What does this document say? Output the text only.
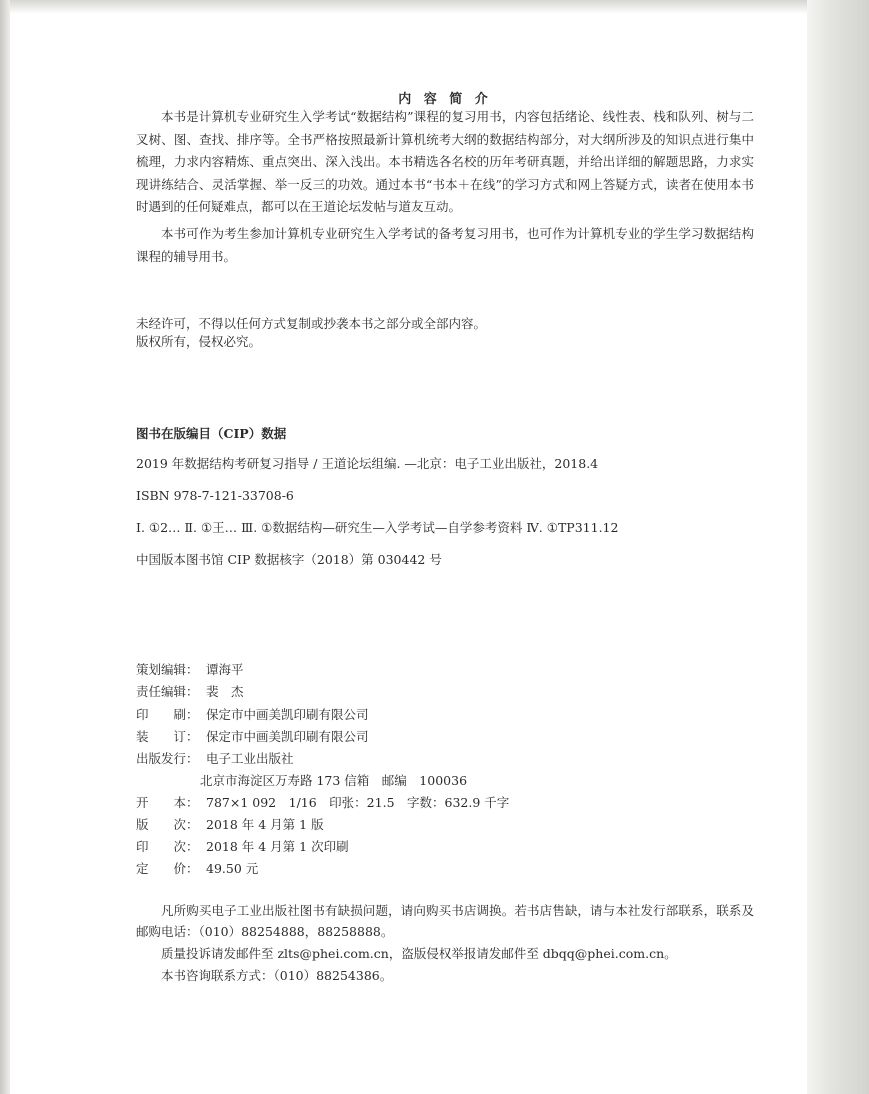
内 容 简 介

本书是计算机专业研究生入学考试“数据结构”课程的复习用书，内容包括绪论、线性表、栈和队列、树与二叉树、图、查找、排序等。全书严格按照最新计算机统考大纲的数据结构部分，对大纲所涉及的知识点进行集中梳理，力求内容精炼、重点突出、深入浅出。本书精选各名校的历年考研真题，并给出详细的解题思路，力求实现讲练结合、灵活掌握、举一反三的功效。通过本书“书本＋在线”的学习方式和网上答疑方式，读者在使用本书时遇到的任何疑难点，都可以在王道论坛发帖与道友互动。

本书可作为考生参加计算机专业研究生入学考试的备考复习用书，也可作为计算机专业的学生学习数据结构课程的辅导用书。

未经许可，不得以任何方式复制或抄袭本书之部分或全部内容。
版权所有，侵权必究。
图书在版编目（CIP）数据
2019 年数据结构考研复习指导 / 王道论坛组编. —北京：电子工业出版社，2018.4
ISBN 978-7-121-33708-6
Ⅰ. ①2… Ⅱ. ①王… Ⅲ. ①数据结构—研究生—入学考试—自学参考资料 Ⅳ. ①TP311.12
中国版本图书馆 CIP 数据核字（2018）第 030442 号
策划编辑： 谭海平
责任编辑： 裴　杰
印　　刷： 保定市中画美凯印刷有限公司
装　　订： 保定市中画美凯印刷有限公司
出版发行： 电子工业出版社
北京市海淀区万寿路 173 信箱　邮编　100036
开　　本： 787×1 092　1/16　印张：21.5　字数：632.9 千字
版　　次： 2018 年 4 月第 1 版
印　　次： 2018 年 4 月第 1 次印刷
定　　价： 49.50 元

凡所购买电子工业出版社图书有缺损问题，请向购买书店调换。若书店售缺，请与本社发行部联系，联系及邮购电话：（010）88254888，88258888。

质量投诉请发邮件至 zlts@phei.com.cn，盗版侵权举报请发邮件至 dbqq@phei.com.cn。
本书咨询联系方式：（010）88254386。
